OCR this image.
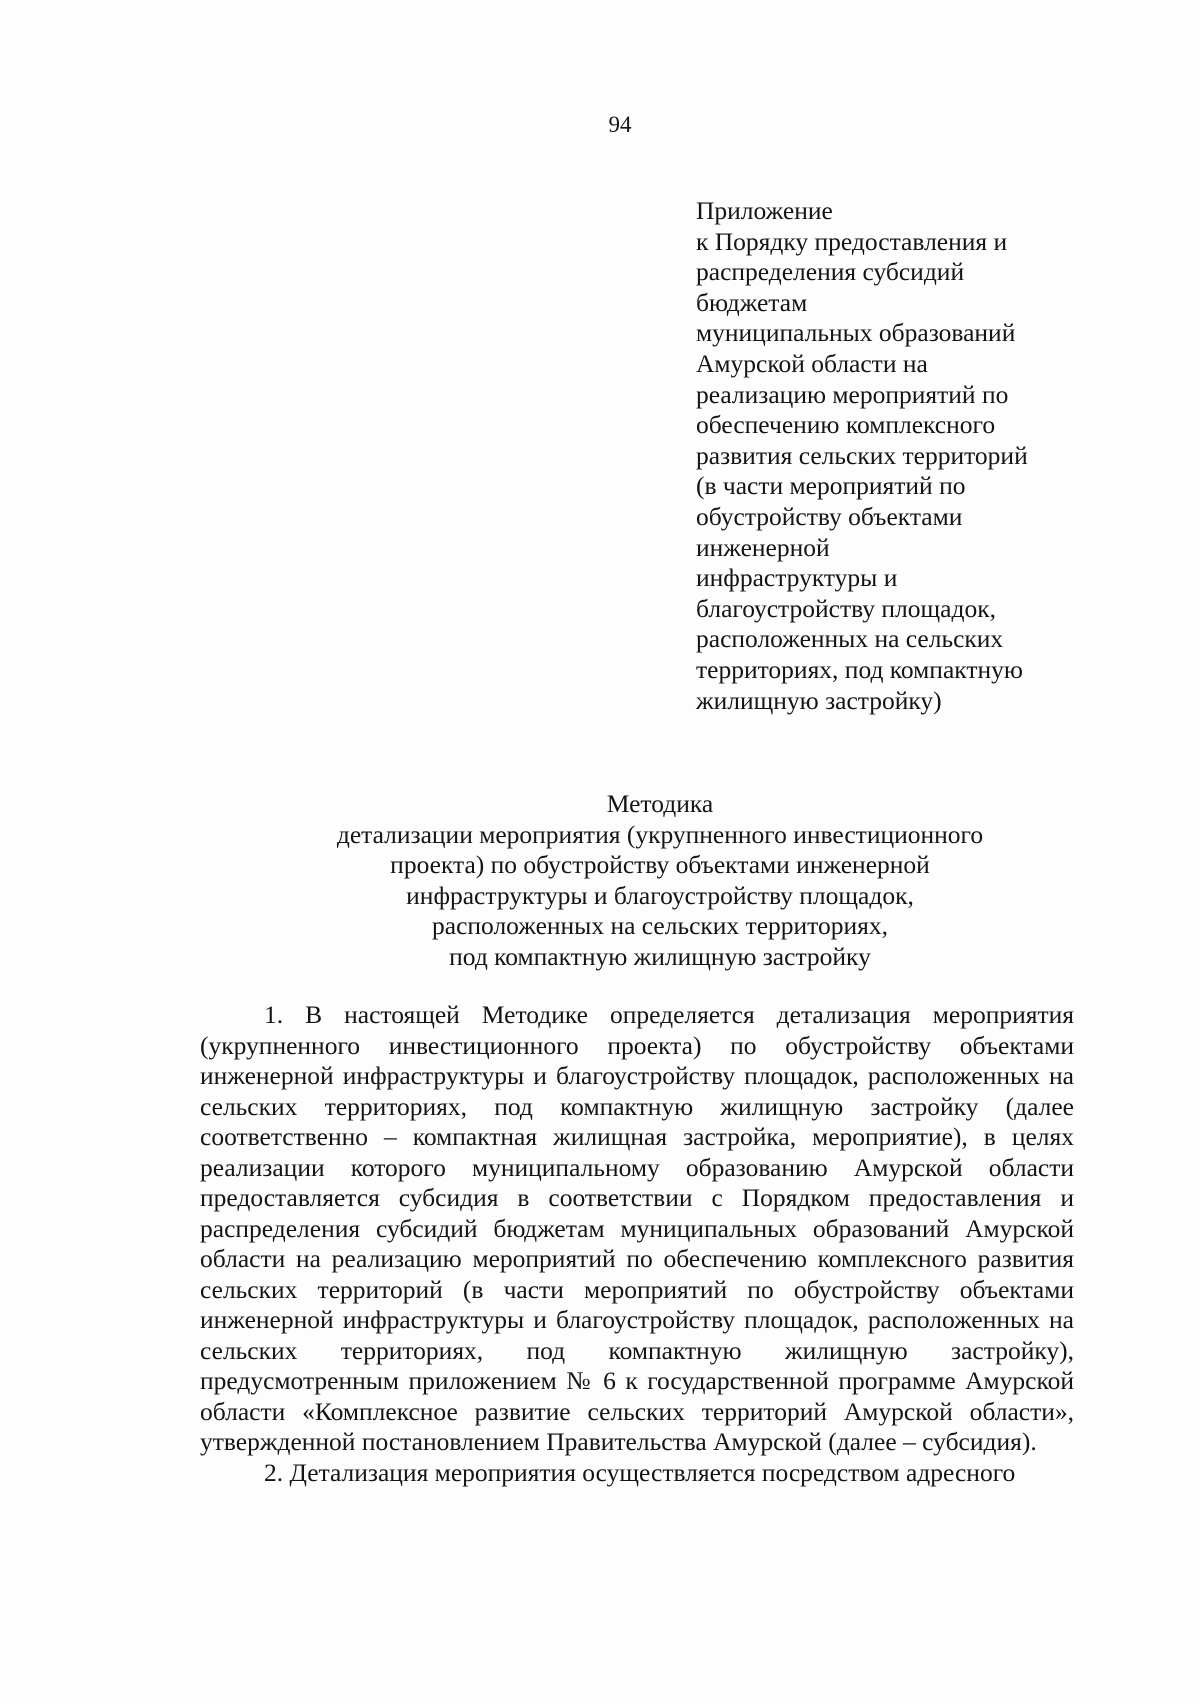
94
Приложение
к Порядку предоставления и
распределения субсидий
бюджетам
муниципальных образований
Амурской области на
реализацию мероприятий по
обеспечению комплексного
развития сельских территорий
(в части мероприятий по
обустройству объектами
инженерной
инфраструктуры и
благоустройству площадок,
расположенных на сельских
территориях, под компактную
жилищную застройку)
Методика
детализации мероприятия (укрупненного инвестиционного
проекта) по обустройству объектами инженерной
инфраструктуры и благоустройству площадок,
расположенных на сельских территориях,
под компактную жилищную застройку

1. В настоящей Методике определяется детализация мероприятия (укрупненного инвестиционного проекта) по обустройству объектами инженерной инфраструктуры и благоустройству площадок, расположенных на сельских территориях, под компактную жилищную застройку (далее соответственно – компактная жилищная застройка, мероприятие), в целях реализации которого муниципальному образованию Амурской области предоставляется субсидия в соответствии с Порядком предоставления и распределения субсидий бюджетам муниципальных образований Амурской области на реализацию мероприятий по обеспечению комплексного развития сельских территорий (в части мероприятий по обустройству объектами инженерной инфраструктуры и благоустройству площадок, расположенных на сельских территориях, под компактную жилищную застройку), предусмотренным приложением № 6 к государственной программе Амурской области «Комплексное развитие сельских территорий Амурской области», утвержденной постановлением Правительства Амурской (далее – субсидия).

2. Детализация мероприятия осуществляется посредством адресного
